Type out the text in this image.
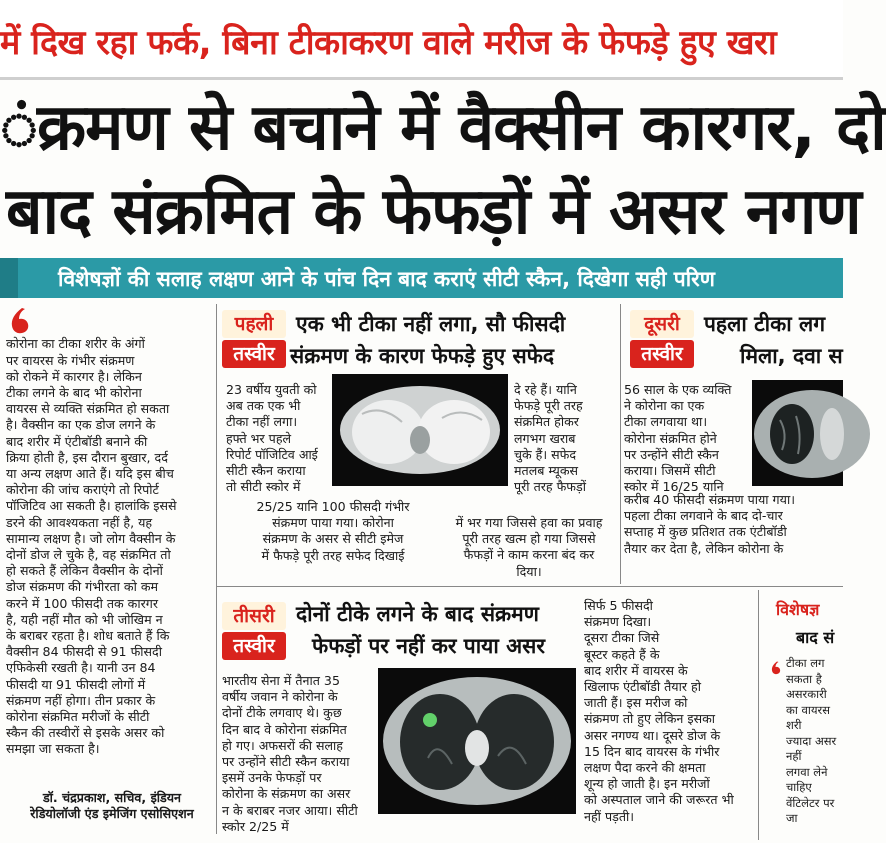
में दिख रहा फर्क, बिना टीकाकरण वाले मरीज के फेफड़े हुए खरा
ंक्रमण से बचाने में वैक्सीन कारगर, दो
बाद संक्रमित के फेफड़ों में असर नगण
विशेषज्ञों की सलाह लक्षण आने के पांच दिन बाद कराएं सीटी स्कैन, दिखेगा सही परिण

कोरोना का टीका शरीर के अंगों
पर वायरस के गंभीर संक्रमण
को रोकने में कारगर है। लेकिन
टीका लगने के बाद भी कोरोना
वायरस से व्यक्ति संक्रमित हो सकता
है। वैक्सीन का एक डोज लगने के
बाद शरीर में एंटीबॉडी बनाने की
क्रिया होती है, इस दौरान बुखार, दर्द
या अन्य लक्षण आते हैं। यदि इस बीच
कोरोना की जांच कराएंगे तो रिपोर्ट
पॉजिटिव आ सकती है। हालांकि इससे
डरने की आवश्यकता नहीं है, यह
सामान्य लक्षण है। जो लोग वैक्सीन के
दोनों डोज ले चुके है, वह संक्रमित तो
हो सकते हैं लेकिन वैक्सीन के दोनों
डोज संक्रमण की गंभीरता को कम
करने में 100 फीसदी तक कारगर
है, यही नहीं मौत को भी जोखिम न
के बराबर रहता है। शोध बताते हैं कि
वैक्सीन 84 फीसदी से 91 फीसदी
एफिकेसी रखती है। यानी उन 84
फीसदी या 91 फीसदी लोगों में
संक्रमण नहीं होगा। तीन प्रकार के
कोरोना संक्रमित मरीजों के सीटी
स्कैन की तस्वीरों से इसके असर को
समझा जा सकता है।

डॉ. चंद्रप्रकाश, सचिव, इंडियन
रेडियोलॉजी एंड इमेजिंग एसोसिएशन
पहली
तस्वीर
एक भी टीका नहीं लगा, सौ फीसदी
संक्रमण के कारण फेफड़े हुए सफेद
23 वर्षीय युवती को
अब तक एक भी
टीका नहीं लगा।
हफ्ते भर पहले
रिपोर्ट पॉजिटिव आई
सीटी स्कैन कराया
तो सीटी स्कोर में
दे रहे हैं। यानि
फेफड़े पूरी तरह
संक्रमित होकर
लगभग खराब
चुके हैं। सफेद
मतलब म्यूकस
पूरी तरह फैफड़ों
25/25 यानि 100 फीसदी गंभीर
संक्रमण पाया गया। कोरोना
संक्रमण के असर से सीटी इमेज
में फैफड़े पूरी तरह सफेद दिखाई
में भर गया जिससे हवा का प्रवाह
पूरी तरह खत्म हो गया जिससे
फैफड़ों ने काम करना बंद कर
दिया।
दूसरी
तस्वीर
पहला टीका लग
मिला, दवा स
56 साल के एक व्यक्ति
ने कोरोना का एक
टीका लगवाया था।
कोरोना संक्रमित होने
पर उन्होंने सीटी स्कैन
कराया। जिसमें सीटी
स्कोर में 16/25 यानि
करीब 40 फीसदी संक्रमण पाया गया।
पहला टीका लगवाने के बाद दो-चार
सप्ताह में कुछ प्रतिशत तक एंटीबॉडी
तैयार कर देता है, लेकिन कोरोना के
तीसरी
तस्वीर
दोनों टीके लगने के बाद संक्रमण
फेफड़ों पर नहीं कर पाया असर
भारतीय सेना में तैनात 35
वर्षीय जवान ने कोरोना के
दोनों टीके लगवाए थे। कुछ
दिन बाद वे कोरोना संक्रमित
हो गए। अफसरों की सलाह
पर उन्होंने सीटी स्कैन कराया
इसमें उनके फेफड़ों पर
कोरोना के संक्रमण का असर
न के बराबर नजर आया। सीटी स्कोर 2/25 में
सिर्फ 5 फीसदी
संक्रमण दिखा।
दूसरा टीका जिसे
बूस्टर कहते हैं के
बाद शरीर में वायरस के
खिलाफ एंटीबॉडी तैयार हो
जाती हैं। इस मरीज को
संक्रमण तो हुए लेकिन इसका
असर नगण्य था। दूसरे डोज के
15 दिन बाद वायरस के गंभीर
लक्षण पैदा करने की क्षमता
शून्य हो जाती है। इन मरीजों
को अस्पताल जाने की जरूरत भी नहीं पड़ती।
विशेषज्ञ
बाद सं
टीका लग
सकता है
असरकारी
का वायरस शरी
ज्यादा असर नहीं
लगवा लेने चाहिए
वेंटिलेटर पर जा
